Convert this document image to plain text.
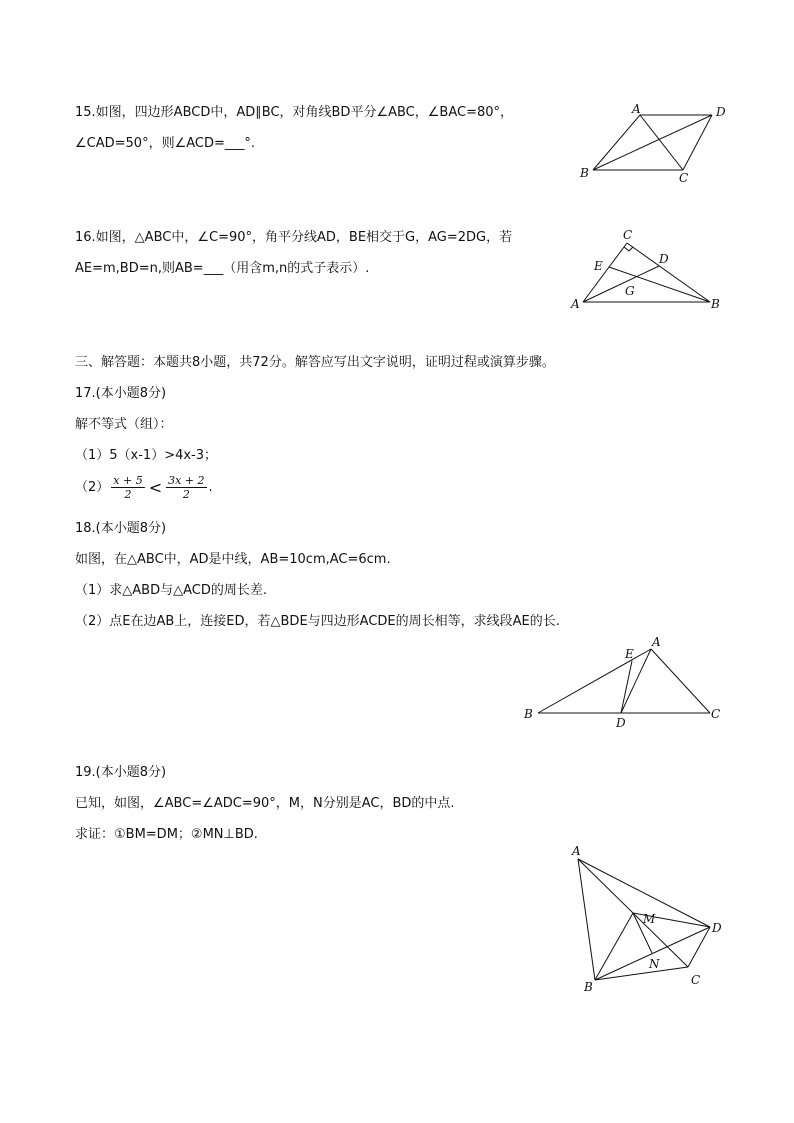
15.如图，四边形ABCD中，AD∥BC，对角线BD平分∠ABC，∠BAC=80°，
∠CAD=50°，则∠ACD=___°.
A	D
B	C
16.如图，△ABC中，∠C=90°，角平分线AD，BE相交于G，AG=2DG，若
AE=m,BD=n,则AB=___（用含m,n的式子表示）.
C
D
E
G
A	B
三、解答题：本题共8小题，共72分。解答应写出文字说明，证明过程或演算步骤。
17.(本小题8分)
解不等式（组）：
（1）5（x-1）>4x-3；
$(2) \frac{x + 5}{2} < \frac{3x + 2}{2}$ .
18.(本小题8分)
如图，在△ABC中，AD是中线，AB=10cm,AC=6cm.
（1）求△ABD与△ACD的周长差.
（2）点E在边AB上，连接ED，若△BDE与四边形ACDE的周长相等，求线段AE的长.
A
E
B
D
C
19.(本小题8分)
已知，如图，∠ABC=∠ADC=90°，M，N分别是AC，BD的中点.
求证：①BM=DM；②MN⊥BD.
A
M
D
N
C
B
